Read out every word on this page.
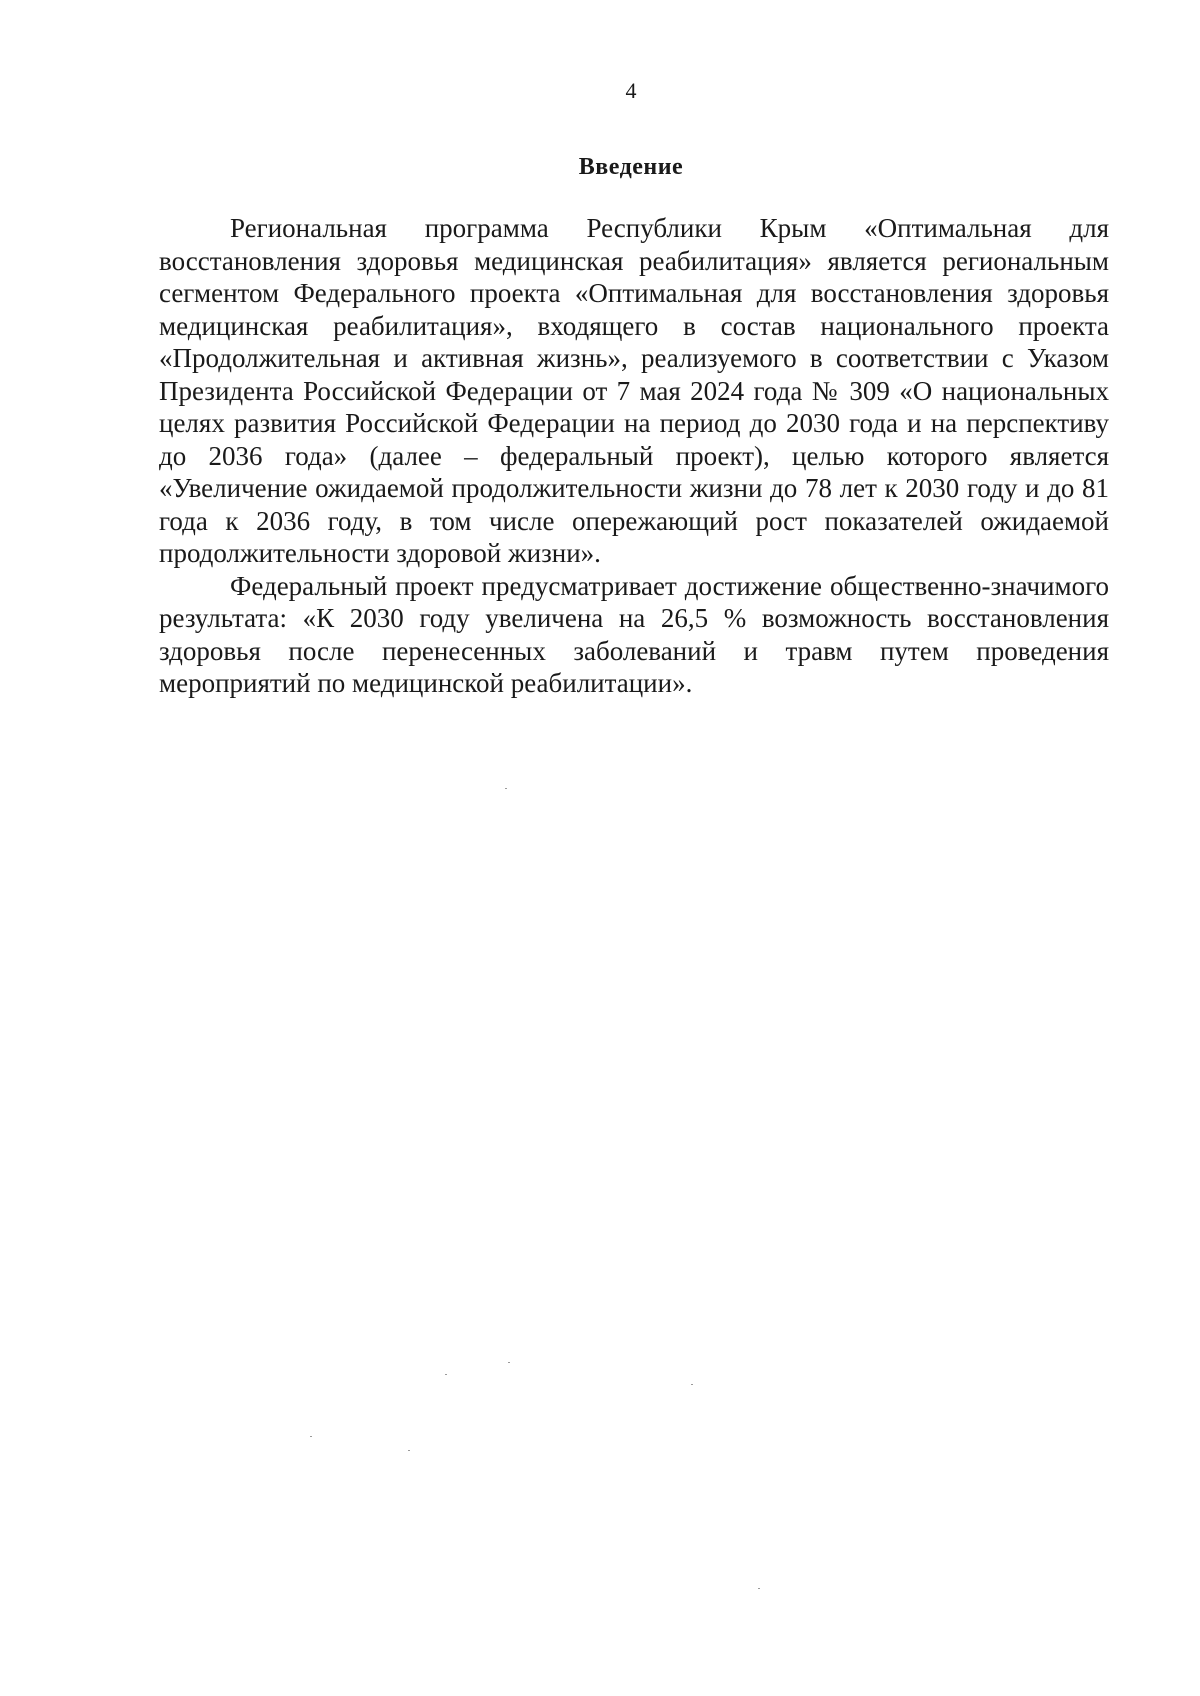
4
Введение

Региональная программа Республики Крым «Оптимальная для восстановления здоровья медицинская реабилитация» является региональным сегментом Федерального проекта «Оптимальная для восстановления здоровья медицинская реабилитация», входящего в состав национального проекта «Продолжительная и активная жизнь», реализуемого в соответствии с Указом Президента Российской Федерации от 7 мая 2024 года № 309 «О национальных целях развития Российской Федерации на период до 2030 года и на перспективу до 2036 года» (далее – федеральный проект), целью которого является «Увеличение ожидаемой продолжительности жизни до 78 лет к 2030 году и до 81 года к 2036 году, в том числе опережающий рост показателей ожидаемой продолжительности здоровой жизни».

Федеральный проект предусматривает достижение общественно-значимого результата: «К 2030 году увеличена на 26,5 % возможность восстановления здоровья после перенесенных заболеваний и травм путем проведения мероприятий по медицинской реабилитации».
